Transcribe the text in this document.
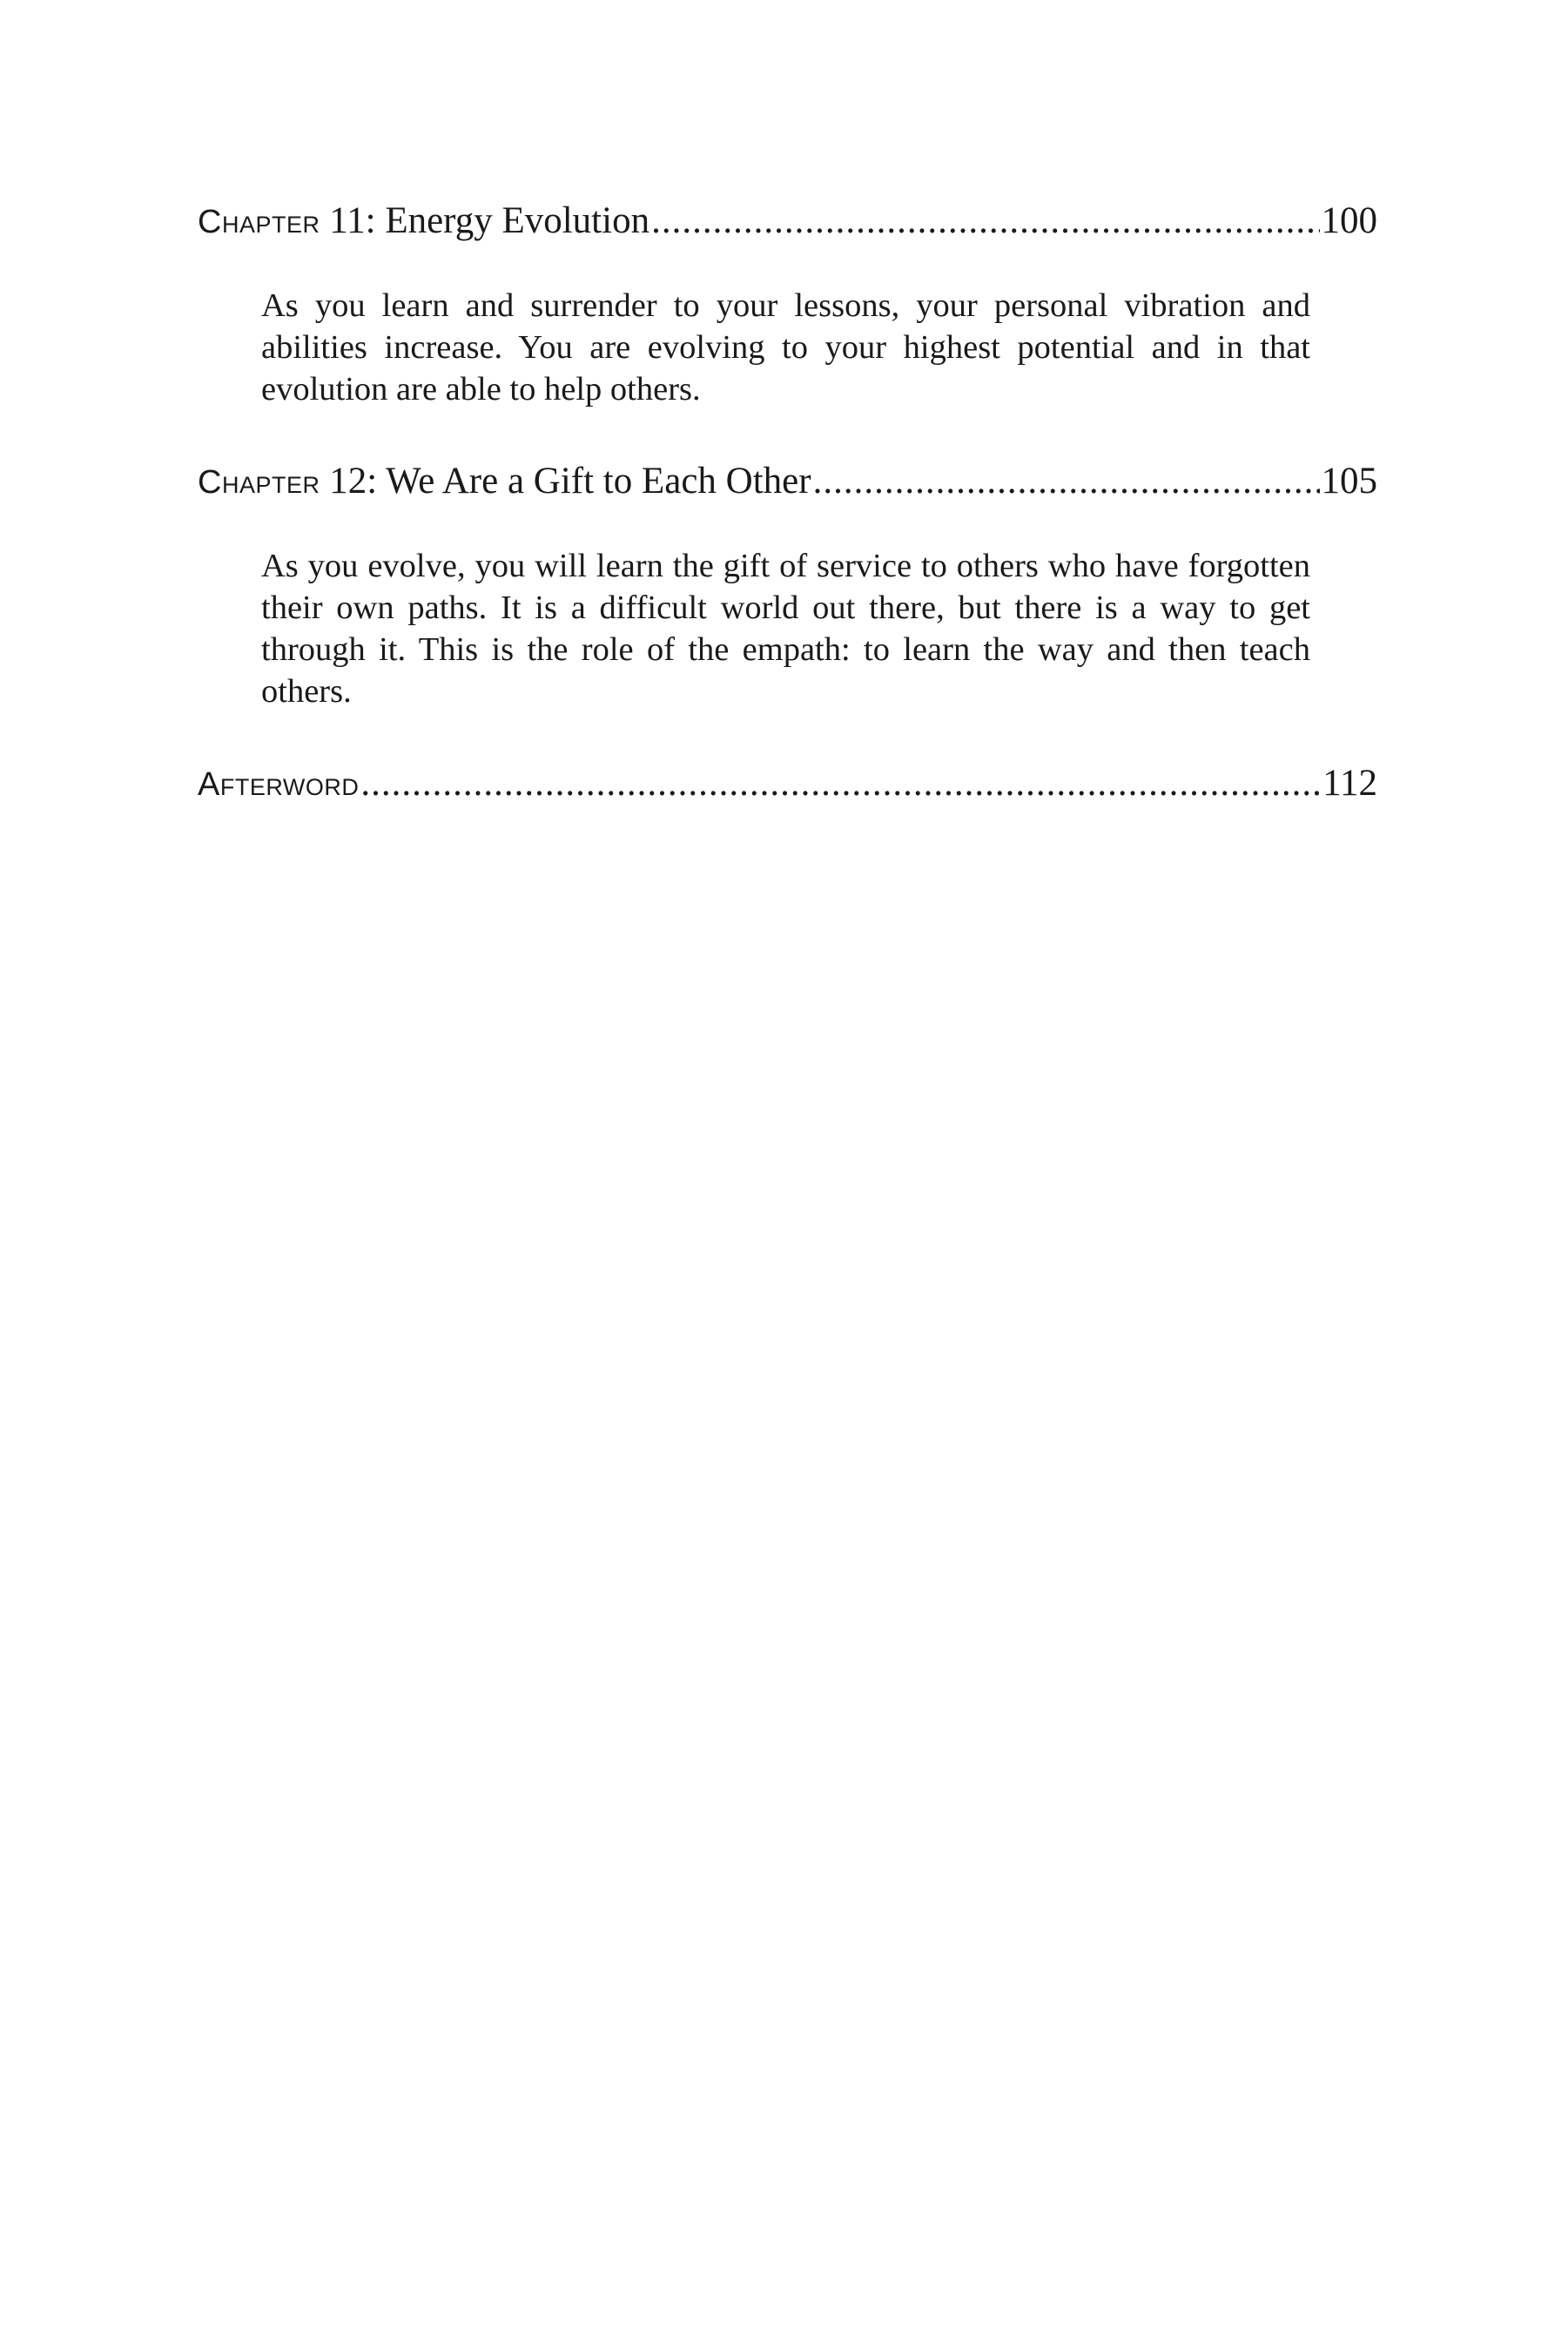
Chapter 11: Energy Evolution .....	100

As you learn and surrender to your lessons, your personal vibration and abilities increase. You are evolving to your highest potential and in that evolution are able to help others.

Chapter 12: We Are a Gift to Each Other .....	105

As you evolve, you will learn the gift of service to others who have forgotten their own paths. It is a difficult world out there, but there is a way to get through it. This is the role of the empath: to learn the way and then teach others.

Afterword .....	112
